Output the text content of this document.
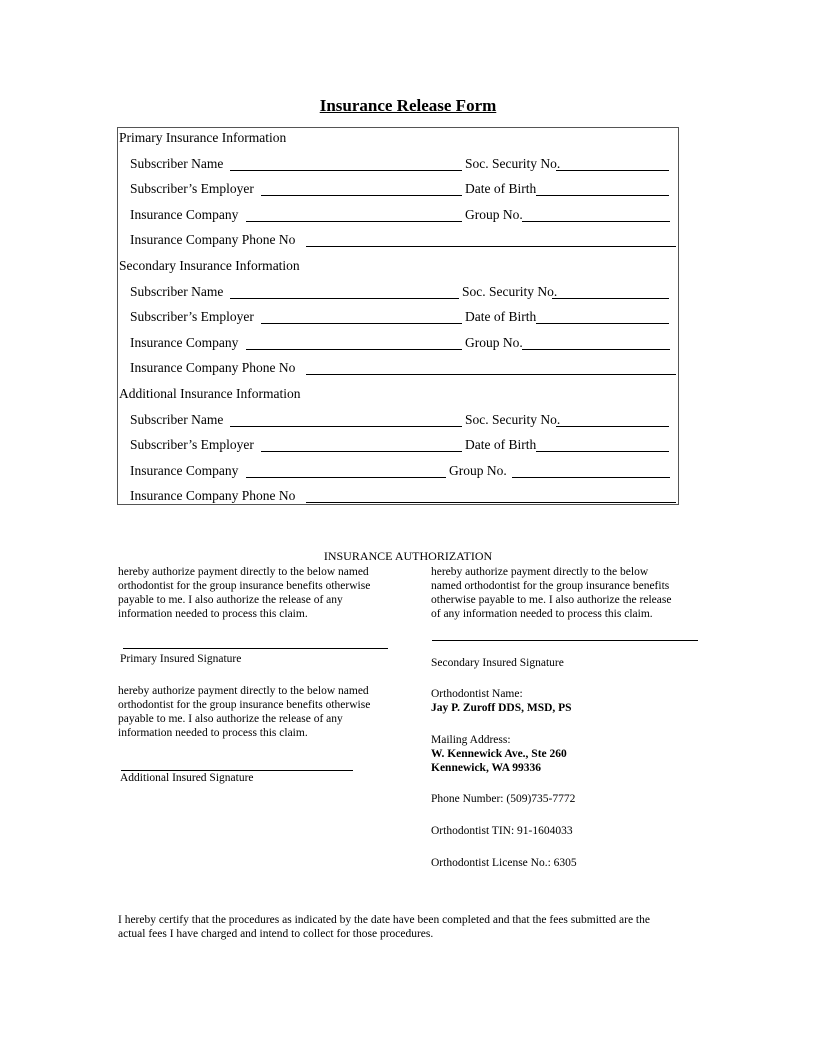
Insurance Release Form
Primary Insurance Information
Subscriber Name	Soc. Security No.
Subscriber’s Employer	Date of Birth
Insurance Company	Group No.
Insurance Company Phone No
Secondary Insurance Information
Subscriber Name	Soc. Security No.
Subscriber’s Employer	Date of Birth
Insurance Company	Group No.
Insurance Company Phone No
Additional Insurance Information
Subscriber Name	Soc. Security No.
Subscriber’s Employer	Date of Birth
Insurance Company	Group No.
Insurance Company Phone No
INSURANCE AUTHORIZATION
hereby authorize payment directly to the below named
orthodontist for the group insurance benefits otherwise
payable to me. I also authorize the release of any
information needed to process this claim.
hereby authorize payment directly to the below
named orthodontist for the group insurance benefits
otherwise payable to me. I also authorize the release
of any information needed to process this claim.
Primary Insured Signature	Secondary Insured Signature
hereby authorize payment directly to the below named
orthodontist for the group insurance benefits otherwise
payable to me. I also authorize the release of any
information needed to process this claim.
Additional Insured Signature
Orthodontist Name:
Jay P. Zuroff DDS, MSD, PS
Mailing Address:
W. Kennewick Ave., Ste 260
Kennewick, WA 99336
Phone Number: (509)735-7772
Orthodontist TIN: 91-1604033
Orthodontist License No.: 6305
I hereby certify that the procedures as indicated by the date have been completed and that the fees submitted are the
actual fees I have charged and intend to collect for those procedures.
